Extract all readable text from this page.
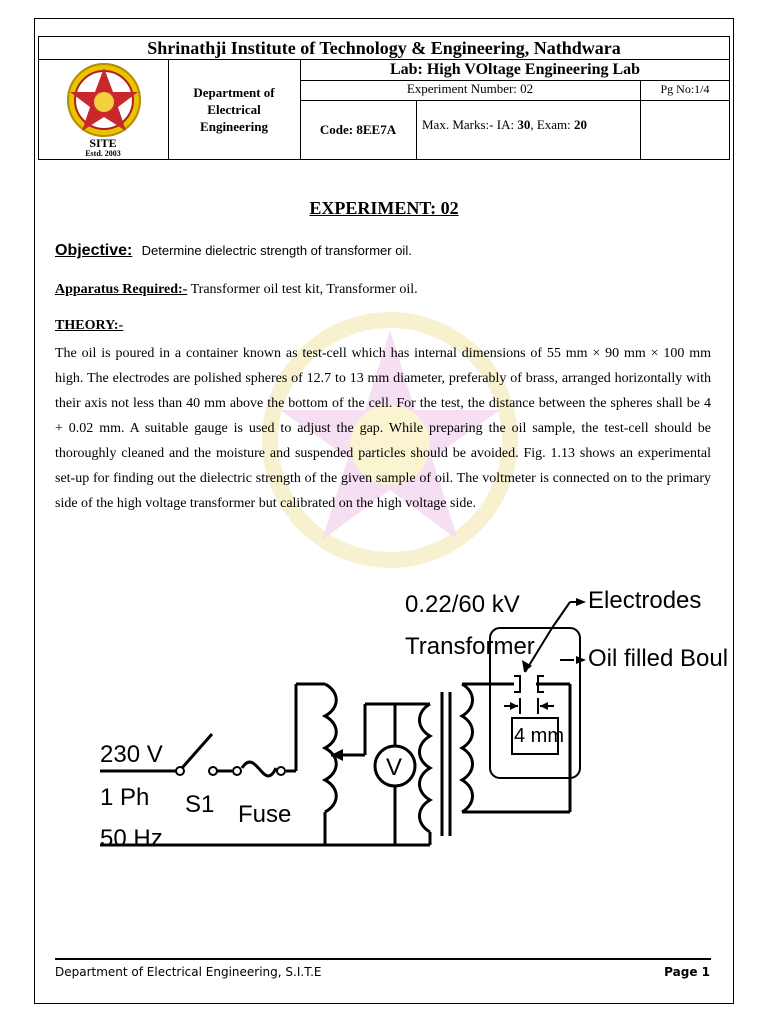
Shrinathji Institute of Technology & Engineering, Nathdwara
SITE
Estd. 2003
Department of
Electrical
Engineering
Lab: High VOltage Engineering Lab
Experiment Number: 02	Pg No:1/4
Code: 8EE7A	Max. Marks:- IA: 30, Exam: 20
EXPERIMENT: 02
Objective: Determine dielectric strength of transformer oil.
Apparatus Required:- Transformer oil test kit, Transformer oil.
THEORY:-
The oil is poured in a container known as test-cell which has internal dimensions of 55 mm × 90 mm × 100 mm high. The electrodes are polished spheres of 12.7 to 13 mm diameter, preferably of brass, arranged horizontally with their axis not less than 40 mm above the bottom of the cell. For the test, the distance between the spheres shall be 4 + 0.02 mm. A suitable gauge is used to adjust the gap. While preparing the oil sample, the test-cell should be thoroughly cleaned and the moisture and suspended particles should be avoided. Fig. 1.13 shows an experimental set-up for finding out the dielectric strength of the given sample of oil. The voltmeter is connected on to the primary side of the high voltage transformer but calibrated on the high voltage side.
230 V
1 Ph
50 Hz
S1 Fuse
0.22/60 kV
Transformer
V
Electrodes
Oil filled Boul
4 mm
Department of Electrical Engineering, S.I.T.E	Page 1
